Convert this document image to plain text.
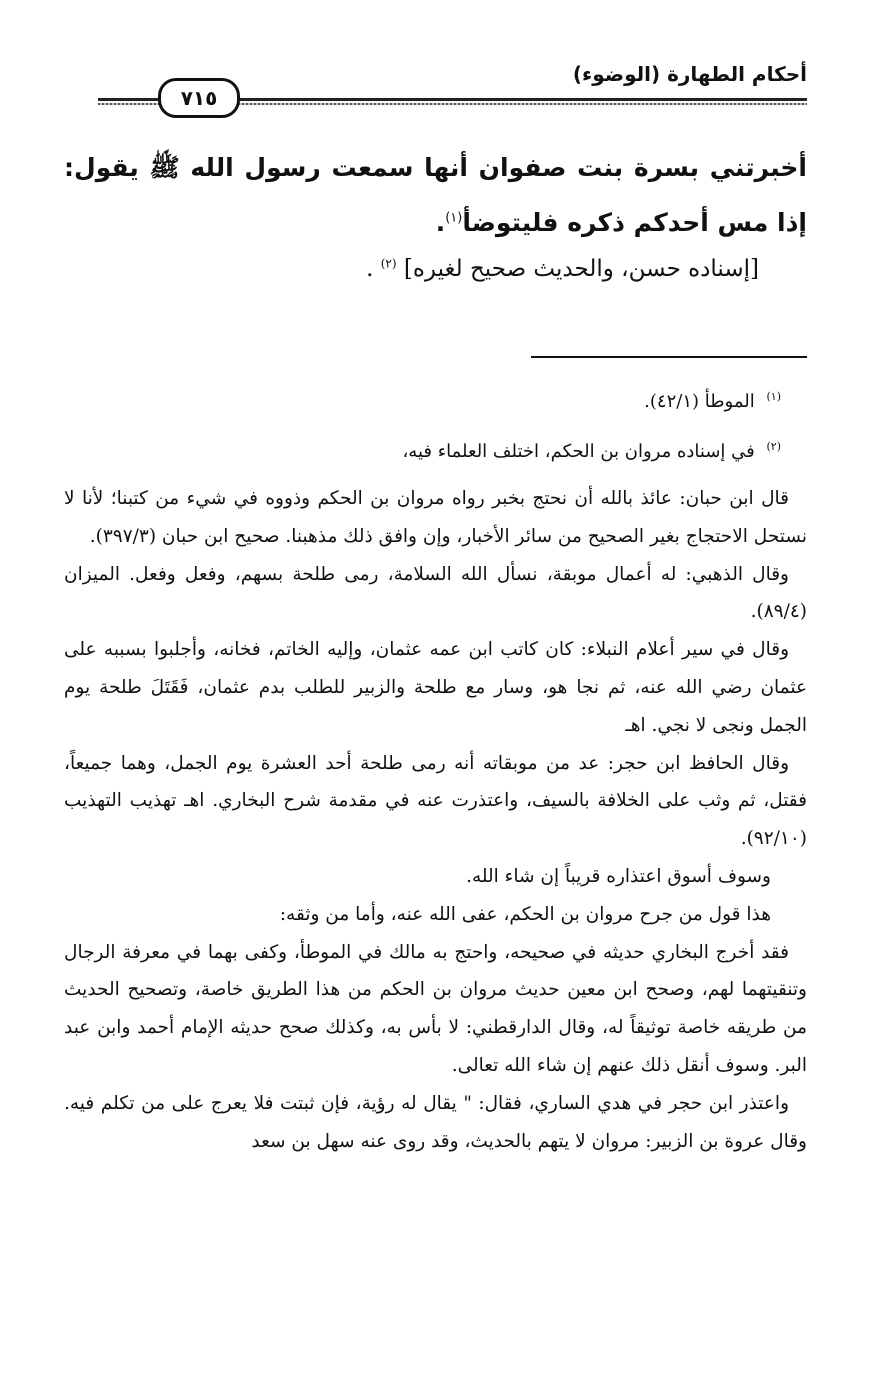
أحكام الطهارة (الوضوء)
٧١٥
أخبرتني بسرة بنت صفوان أنها سمعت رسول الله ﷺ يقول: إذا مس أحدكم ذكره فليتوضأ$^{(١)}$.
[إسناده حسن، والحديث صحيح لغيره] $^{(٢)}$ .
$^{(١)}$ الموطأ (٤٢/١).
$^{(٢)}$ في إسناده مروان بن الحكم، اختلف العلماء فيه،

قال ابن حبان: عائذ بالله أن نحتج بخبر رواه مروان بن الحكم وذووه في شيء من كتبنا؛ لأنا لا نستحل الاحتجاج بغير الصحيح من سائر الأخبار، وإن وافق ذلك مذهبنا. صحيح ابن حبان (٣٩٧/٣).

وقال الذهبي: له أعمال موبقة، نسأل الله السلامة، رمى طلحة بسهم، وفعل وفعل. الميزان (٨٩/٤).

وقال في سير أعلام النبلاء: كان كاتب ابن عمه عثمان، وإليه الخاتم، فخانه، وأجلبوا بسببه على عثمان رضي الله عنه، ثم نجا هو، وسار مع طلحة والزبير للطلب بدم عثمان، فَقَتَلَ طلحة يوم الجمل ونجى لا نجي. اهـ

وقال الحافظ ابن حجر: عد من موبقاته أنه رمى طلحة أحد العشرة يوم الجمل، وهما جميعاً، فقتل، ثم وثب على الخلافة بالسيف، واعتذرت عنه في مقدمة شرح البخاري. اهـ تهذيب التهذيب (٩٢/١٠).

وسوف أسوق اعتذاره قريباً إن شاء الله.

هذا قول من جرح مروان بن الحكم، عفى الله عنه، وأما من وثقه:

فقد أخرج البخاري حديثه في صحيحه، واحتج به مالك في الموطأ، وكفى بهما في معرفة الرجال وتنقيتهما لهم، وصحح ابن معين حديث مروان بن الحكم من هذا الطريق خاصة، وتصحيح الحديث من طريقه خاصة توثيقاً له، وقال الدارقطني: لا بأس به، وكذلك صحح حديثه الإمام أحمد وابن عبد البر. وسوف أنقل ذلك عنهم إن شاء الله تعالى.

واعتذر ابن حجر في هدي الساري، فقال: " يقال له رؤية، فإن ثبتت فلا يعرج على من تكلم فيه. وقال عروة بن الزبير: مروان لا يتهم بالحديث، وقد روى عنه سهل بن سعد
